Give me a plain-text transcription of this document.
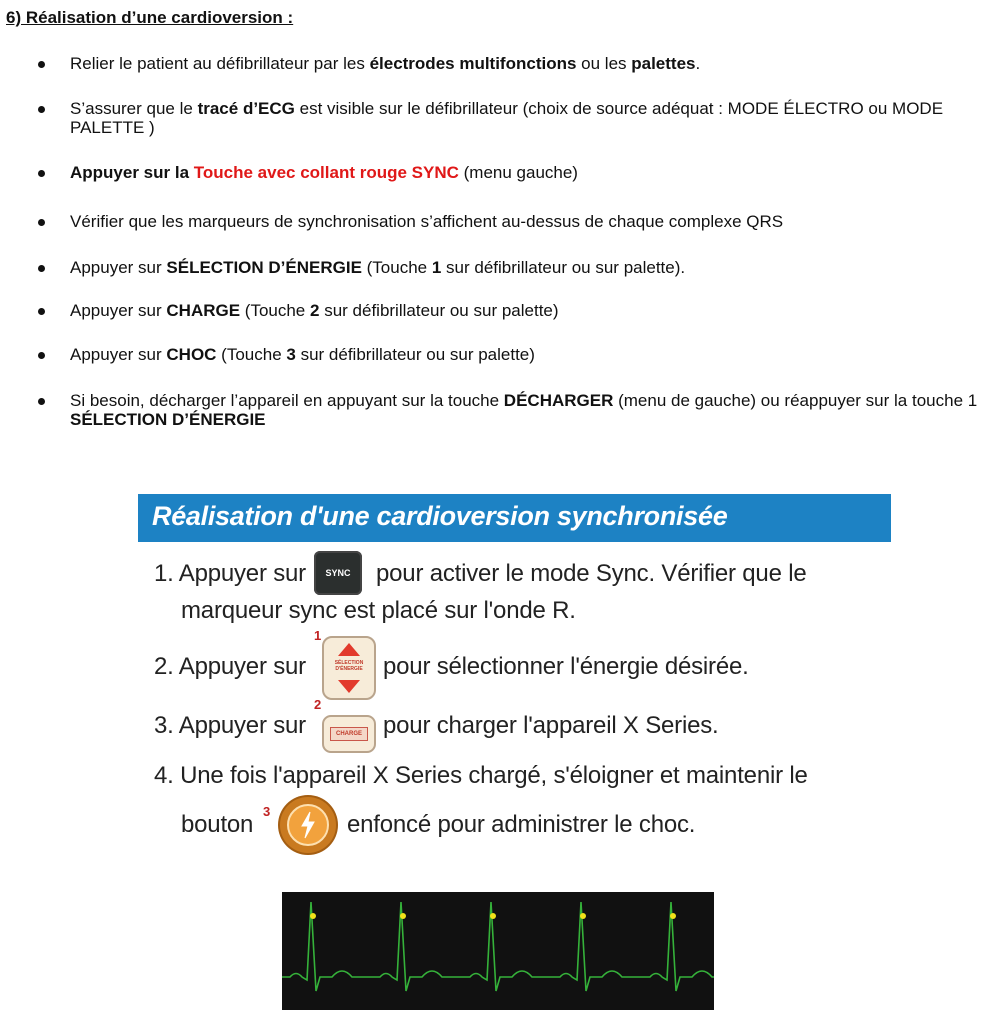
6) Réalisation d’une cardioversion :
Relier le patient au défibrillateur par les électrodes multifonctions ou les palettes.
S’assurer que le tracé d’ECG est visible sur le défibrillateur (choix de source adéquat : MODE ÉLECTRO ou MODE PALETTE )
Appuyer sur la Touche avec collant rouge SYNC (menu gauche)
Vérifier que les marqueurs de synchronisation s’affichent au-dessus de chaque complexe QRS
Appuyer sur SÉLECTION D’ÉNERGIE (Touche 1 sur défibrillateur ou sur palette).
Appuyer sur CHARGE (Touche 2 sur défibrillateur ou sur palette)
Appuyer sur CHOC (Touche 3 sur défibrillateur ou sur palette)
Si besoin, décharger l’appareil en appuyant sur la touche DÉCHARGER (menu de gauche) ou réappuyer sur la touche 1 SÉLECTION D’ÉNERGIE
Réalisation d'une cardioversion synchronisée
1. Appuyer sur SYNC pour activer le mode Sync. Vérifier que le
marqueur sync est placé sur l'onde R.
1
2. Appuyer sur	SÉLECTION D'ÉNERGIE pour sélectionner l'énergie désirée.
2
3. Appuyer sur	CHARGE pour charger l'appareil X Series.
4. Une fois l'appareil X Series chargé, s'éloigner et maintenir le
bouton 3	enfoncé pour administrer le choc.
